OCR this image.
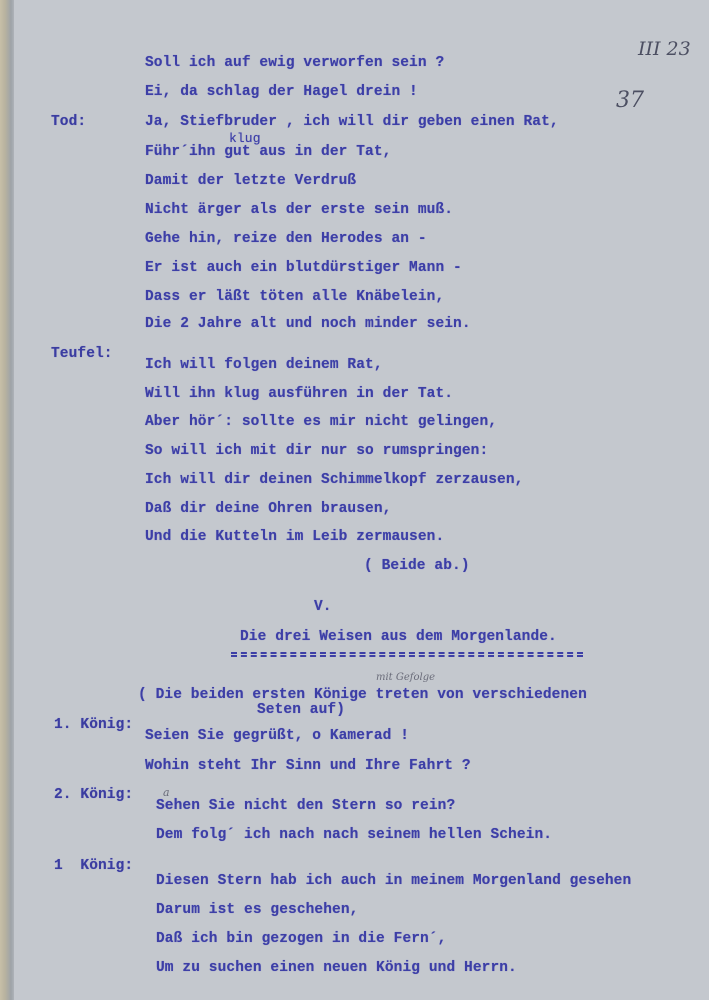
III 23
37
Soll ich auf ewig verworfen sein ?
Ei, da schlag der Hagel drein !
Tod:	Ja, Stiefbruder , ich will dir geben einen Rat,
klug
Führ´ihn gut aus in der Tat,
Damit der letzte Verdruß
Nicht ärger als der erste sein muß.
Gehe hin, reize den Herodes an -
Er ist auch ein blutdürstiger Mann -
Dass er läßt töten alle Knäbelein,
Die 2 Jahre alt und noch minder sein.
Teufel:
Ich will folgen deinem Rat,
Will ihn klug ausführen in der Tat.
Aber hör´: sollte es mir nicht gelingen,
So will ich mit dir nur so rumspringen:
Ich will dir deinen Schimmelkopf zerzausen,
Daß dir deine Ohren brausen,
Und die Kutteln im Leib zermausen.
( Beide ab.)
V.
Die drei Weisen aus dem Morgenlande.
mit Gefolge
( Die beiden ersten Könige treten von verschiedenen
Seten auf)
1. König:
Seien Sie gegrüßt, o Kamerad !
Wohin steht Ihr Sinn und Ihre Fahrt ?
2. König:	a
Sehen Sie nicht den Stern so rein?
Dem folg´ ich nach nach seinem hellen Schein.
1  König:
Diesen Stern hab ich auch in meinem Morgenland gesehen
Darum ist es geschehen,
Daß ich bin gezogen in die Fern´,
Um zu suchen einen neuen König und Herrn.
